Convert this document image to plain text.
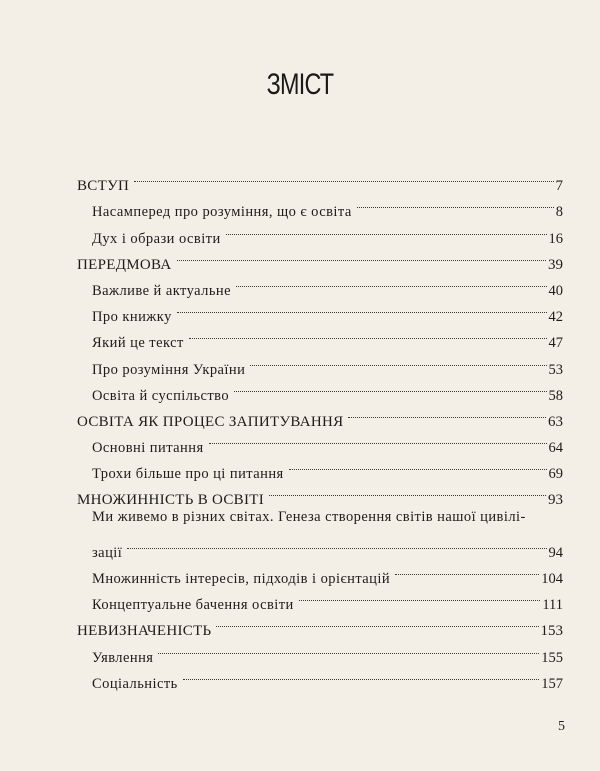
ЗМІСТ
ВСТУП	7
Насамперед про розуміння, що є освіта	8
Дух і образи освіти	16
ПЕРЕДМОВА	39
Важливе й актуальне	40
Про книжку	42
Який це текст	47
Про розуміння України	53
Освіта й суспільство	58
ОСВІТА ЯК ПРОЦЕС ЗАПИТУВАННЯ	63
Основні питання	64
Трохи більше про ці питання	69
МНОЖИННІСТЬ В ОСВІТІ	93
Ми живемо в різних світах. Генеза створення світів нашої цивілі-
зації	94
Множинність інтересів, підходів і орієнтацій	104
Концептуальне бачення освіти	111
НЕВИЗНАЧЕНІСТЬ	153
Уявлення	155
Соціальність	157
5
